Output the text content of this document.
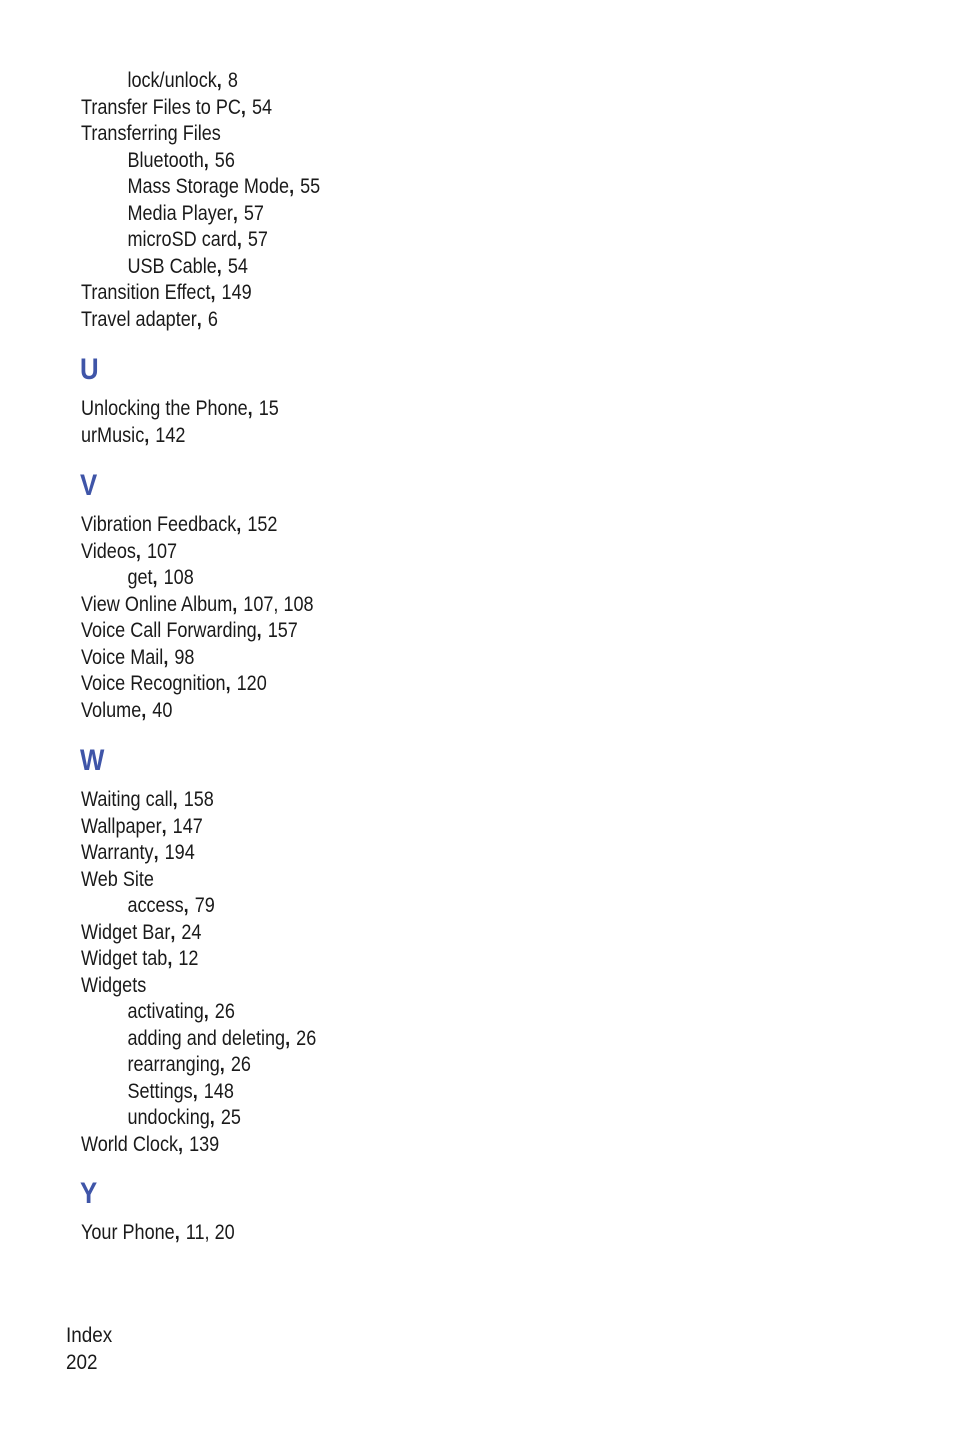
lock/unlock, 8
Transfer Files to PC, 54
Transferring Files
Bluetooth, 56
Mass Storage Mode, 55
Media Player, 57
microSD card, 57
USB Cable, 54
Transition Effect, 149
Travel adapter, 6
U
Unlocking the Phone, 15
urMusic, 142
V
Vibration Feedback, 152
Videos, 107
get, 108
View Online Album, 107, 108
Voice Call Forwarding, 157
Voice Mail, 98
Voice Recognition, 120
Volume, 40
W
Waiting call, 158
Wallpaper, 147
Warranty, 194
Web Site
access, 79
Widget Bar, 24
Widget tab, 12
Widgets
activating, 26
adding and deleting, 26
rearranging, 26
Settings, 148
undocking, 25
World Clock, 139
Y
Your Phone, 11, 20
Index
202
